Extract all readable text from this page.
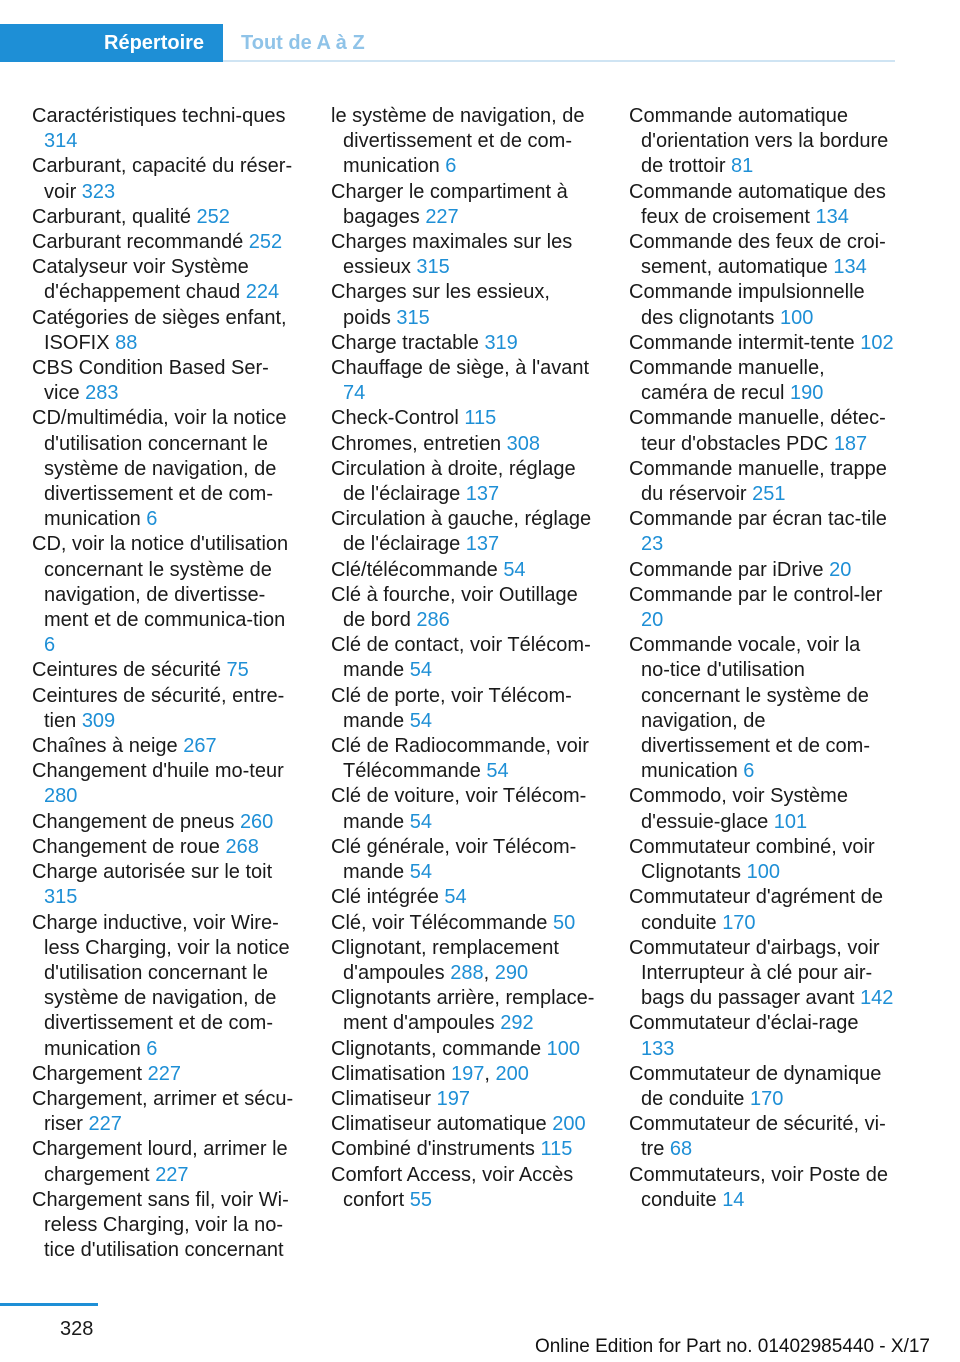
Répertoire	Tout de A à Z

Caractéristiques techni‐ques 314

Carburant, capacité du réser‐voir 323

Carburant, qualité 252

Carburant recommandé 252

Catalyseur voir Système d'échappement chaud 224

Catégories de sièges enfant, ISOFIX 88

CBS Condition Based Ser‐vice 283

CD/multimédia, voir la notice d'utilisation concernant le système de navigation, de divertissement et de com‐munication 6

CD, voir la notice d'utilisation concernant le système de navigation, de divertisse‐ment et de communica‐tion 6

Ceintures de sécurité 75

Ceintures de sécurité, entre‐tien 309

Chaînes à neige 267

Changement d'huile mo‐teur 280

Changement de pneus 260

Changement de roue 268

Charge autorisée sur le toit 315

Charge inductive, voir Wire‐less Charging, voir la notice d'utilisation concernant le système de navigation, de divertissement et de com‐munication 6

Chargement 227

Chargement, arrimer et sécu‐riser 227

Chargement lourd, arrimer le chargement 227

Chargement sans fil, voir Wi‐reless Charging, voir la no‐tice d'utilisation concernant

le système de navigation, de divertissement et de com‐munication 6

Charger le compartiment à bagages 227

Charges maximales sur les essieux 315

Charges sur les essieux, poids 315

Charge tractable 319

Chauffage de siège, à l'avant 74

Check-Control 115

Chromes, entretien 308

Circulation à droite, réglage de l'éclairage 137

Circulation à gauche, réglage de l'éclairage 137

Clé/télécommande 54

Clé à fourche, voir Outillage de bord 286

Clé de contact, voir Télécom‐mande 54

Clé de porte, voir Télécom‐mande 54

Clé de Radiocommande, voir Télécommande 54

Clé de voiture, voir Télécom‐mande 54

Clé générale, voir Télécom‐mande 54

Clé intégrée 54

Clé, voir Télécommande 50

Clignotant, remplacement d'ampoules 288, 290

Clignotants arrière, remplace‐ment d'ampoules 292

Clignotants, commande 100

Climatisation 197, 200

Climatiseur 197

Climatiseur automatique 200

Combiné d'instruments 115

Comfort Access, voir Accès confort 55

Commande automatique d'orientation vers la bordure de trottoir 81

Commande automatique des feux de croisement 134

Commande des feux de croi‐sement, automatique 134

Commande impulsionnelle des clignotants 100

Commande intermit‐tente 102

Commande manuelle, caméra de recul 190

Commande manuelle, détec‐teur d'obstacles PDC 187

Commande manuelle, trappe du réservoir 251

Commande par écran tac‐tile 23

Commande par iDrive 20

Commande par le control‐ler 20

Commande vocale, voir la no‐tice d'utilisation concernant le système de navigation, de divertissement et de com‐munication 6

Commodo, voir Système d'essuie-glace 101

Commutateur combiné, voir Clignotants 100

Commutateur d'agrément de conduite 170

Commutateur d'airbags, voir Interrupteur à clé pour air‐bags du passager avant 142

Commutateur d'éclai‐rage 133

Commutateur de dynamique de conduite 170

Commutateur de sécurité, vi‐tre 68

Commutateurs, voir Poste de conduite 14

328
Online Edition for Part no. 01402985440 - X/17
